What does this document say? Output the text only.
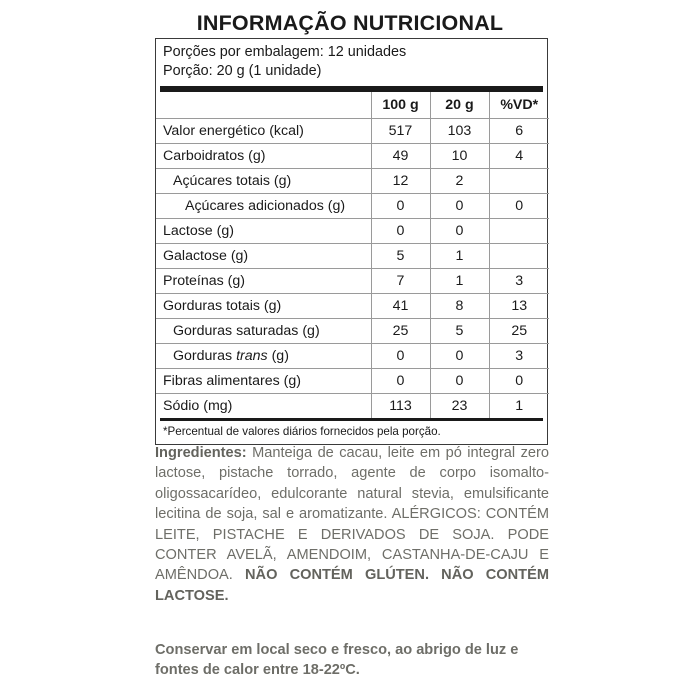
INFORMAÇÃO NUTRICIONAL
Porções por embalagem: 12 unidades
Porção: 20 g (1 unidade)
	100 g	20 g	%VD*
Valor energético (kcal)	517	103	6
Carboidratos (g)	49	10	4
Açúcares totais (g)	12	2	
Açúcares adicionados (g)	0	0	0
Lactose (g)	0	0	
Galactose (g)	5	1	
Proteínas (g)	7	1	3
Gorduras totais (g)	41	8	13
Gorduras saturadas (g)	25	5	25
Gorduras trans (g)	0	0	3
Fibras alimentares (g)	0	0	0
Sódio (mg)	113	23	1
*Percentual de valores diários fornecidos pela porção.
Ingredientes: Manteiga de cacau, leite em pó integral zero lactose, pistache torrado, agente de corpo isomalto-oligossacarídeo, edulcorante natural stevia, emulsificante lecitina de soja, sal e aromatizante. ALÉRGICOS: CONTÉM LEITE, PISTACHE E DERIVADOS DE SOJA. PODE CONTER AVELÃ, AMENDOIM, CASTANHA-DE-CAJU E AMÊNDOA. NÃO CONTÉM GLÚTEN. NÃO CONTÉM LACTOSE.
Conservar em local seco e fresco, ao abrigo de luz e fontes de calor entre 18-22ºC.
